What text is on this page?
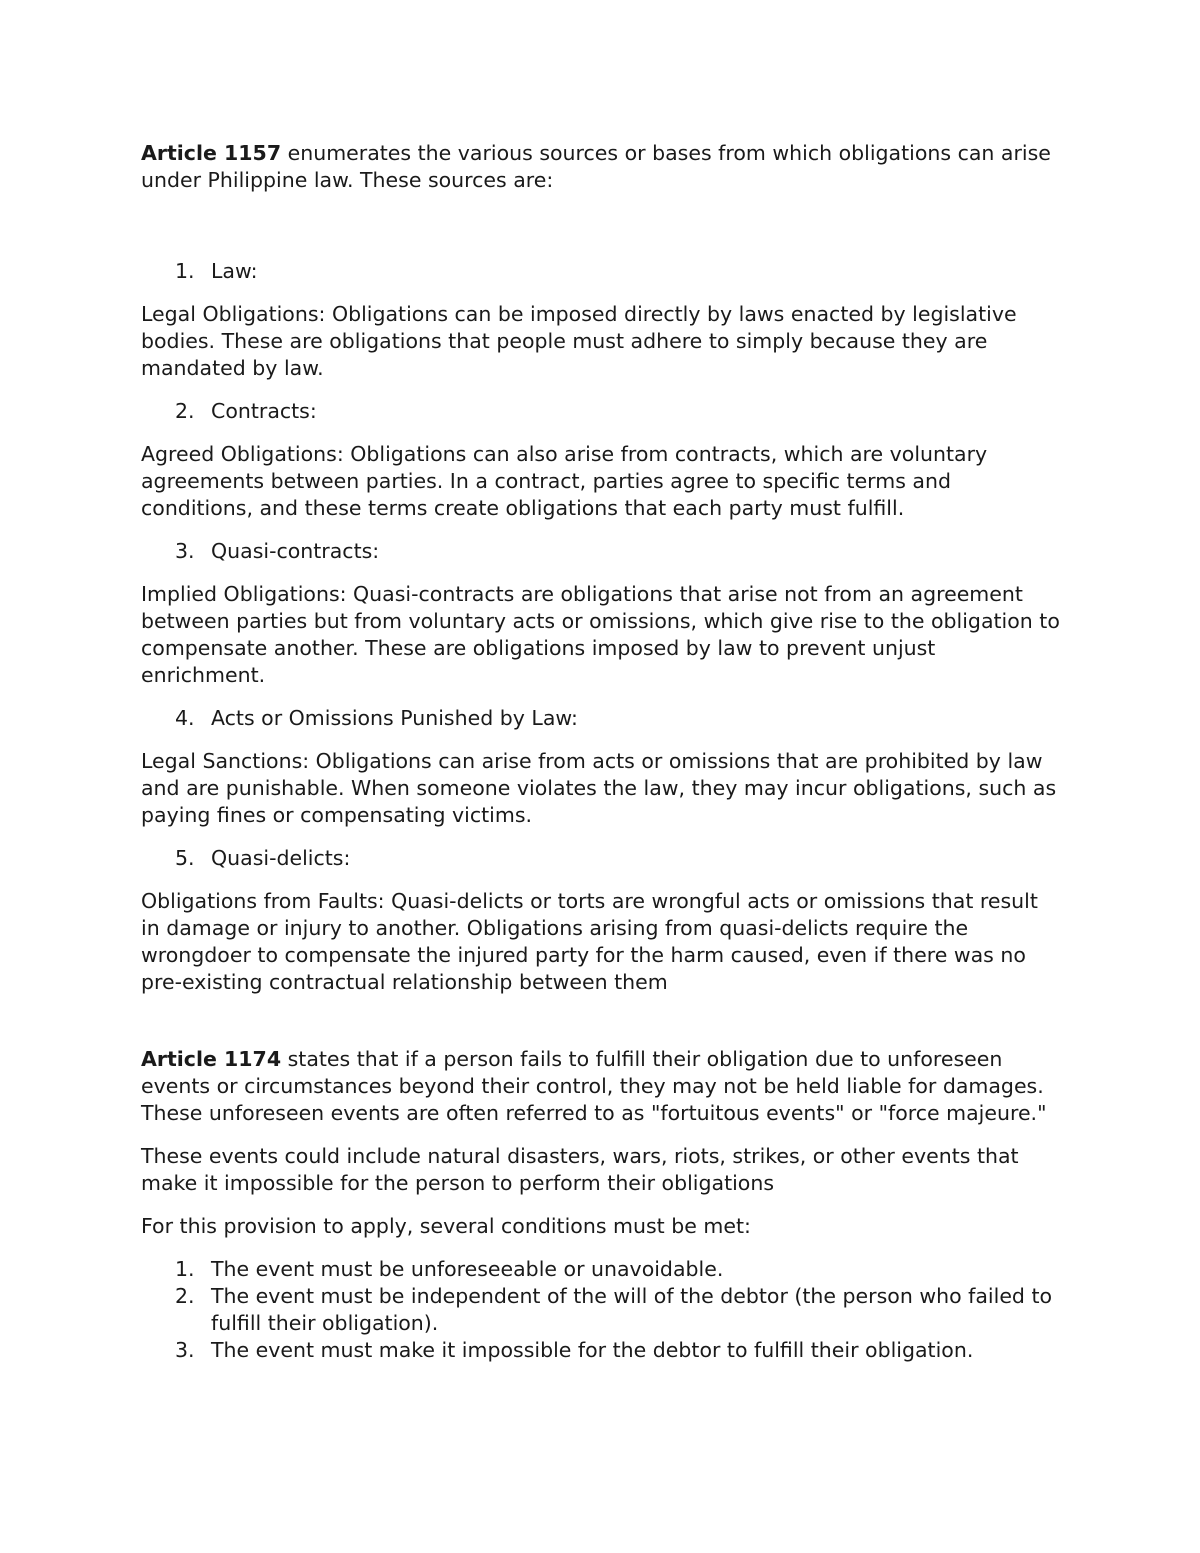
Article 1157 enumerates the various sources or bases from which obligations can arise under Philippine law. These sources are:

1. Law:

Legal Obligations: Obligations can be imposed directly by laws enacted by legislative bodies. These are obligations that people must adhere to simply because they are mandated by law.

2. Contracts:

Agreed Obligations: Obligations can also arise from contracts, which are voluntary agreements between parties. In a contract, parties agree to specific terms and conditions, and these terms create obligations that each party must fulfill.

3. Quasi-contracts:

Implied Obligations: Quasi-contracts are obligations that arise not from an agreement between parties but from voluntary acts or omissions, which give rise to the obligation to compensate another. These are obligations imposed by law to prevent unjust enrichment.

4. Acts or Omissions Punished by Law:

Legal Sanctions: Obligations can arise from acts or omissions that are prohibited by law and are punishable. When someone violates the law, they may incur obligations, such as paying fines or compensating victims.

5. Quasi-delicts:

Obligations from Faults: Quasi-delicts or torts are wrongful acts or omissions that result in damage or injury to another. Obligations arising from quasi-delicts require the wrongdoer to compensate the injured party for the harm caused, even if there was no pre-existing contractual relationship between them

Article 1174 states that if a person fails to fulfill their obligation due to unforeseen events or circumstances beyond their control, they may not be held liable for damages. These unforeseen events are often referred to as "fortuitous events" or "force majeure."

These events could include natural disasters, wars, riots, strikes, or other events that make it impossible for the person to perform their obligations

For this provision to apply, several conditions must be met:

1. The event must be unforeseeable or unavoidable.
2. The event must be independent of the will of the debtor (the person who failed to fulfill their obligation).
3. The event must make it impossible for the debtor to fulfill their obligation.
